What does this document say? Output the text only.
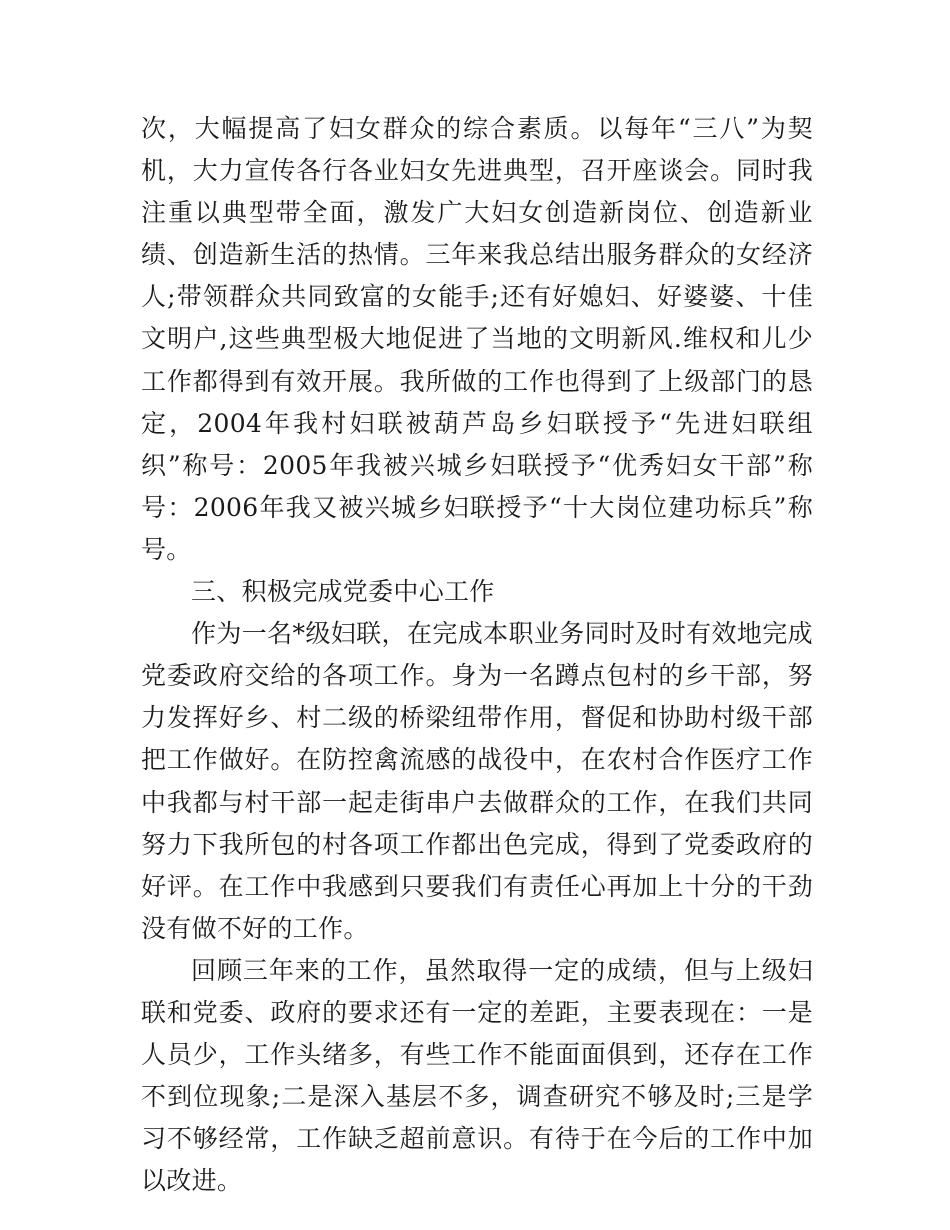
次，大幅提高了妇女群众的综合素质。以每年“三八”为契机，大力宣传各行各业妇女先进典型，召开座谈会。同时我注重以典型带全面，激发广大妇女创造新岗位、创造新业绩、创造新生活的热情。三年来我总结出服务群众的女经济人;带领群众共同致富的女能手;还有好媳妇、好婆婆、十佳文明户,这些典型极大地促进了当地的文明新风.维权和儿少工作都得到有效开展。我所做的工作也得到了上级部门的恳定，2004年我村妇联被葫芦岛乡妇联授予“先进妇联组织”称号：2005年我被兴城乡妇联授予“优秀妇女干部”称号：2006年我又被兴城乡妇联授予“十大岗位建功标兵”称号。

三、积极完成党委中心工作

作为一名*级妇联，在完成本职业务同时及时有效地完成党委政府交给的各项工作。身为一名蹲点包村的乡干部，努力发挥好乡、村二级的桥梁纽带作用，督促和协助村级干部把工作做好。在防控禽流感的战役中，在农村合作医疗工作中我都与村干部一起走街串户去做群众的工作，在我们共同努力下我所包的村各项工作都出色完成，得到了党委政府的好评。在工作中我感到只要我们有责任心再加上十分的干劲没有做不好的工作。

回顾三年来的工作，虽然取得一定的成绩，但与上级妇联和党委、政府的要求还有一定的差距，主要表现在：一是人员少，工作头绪多，有些工作不能面面俱到，还存在工作不到位现象;二是深入基层不多，调查研究不够及时;三是学习不够经常，工作缺乏超前意识。有待于在今后的工作中加以改进。
